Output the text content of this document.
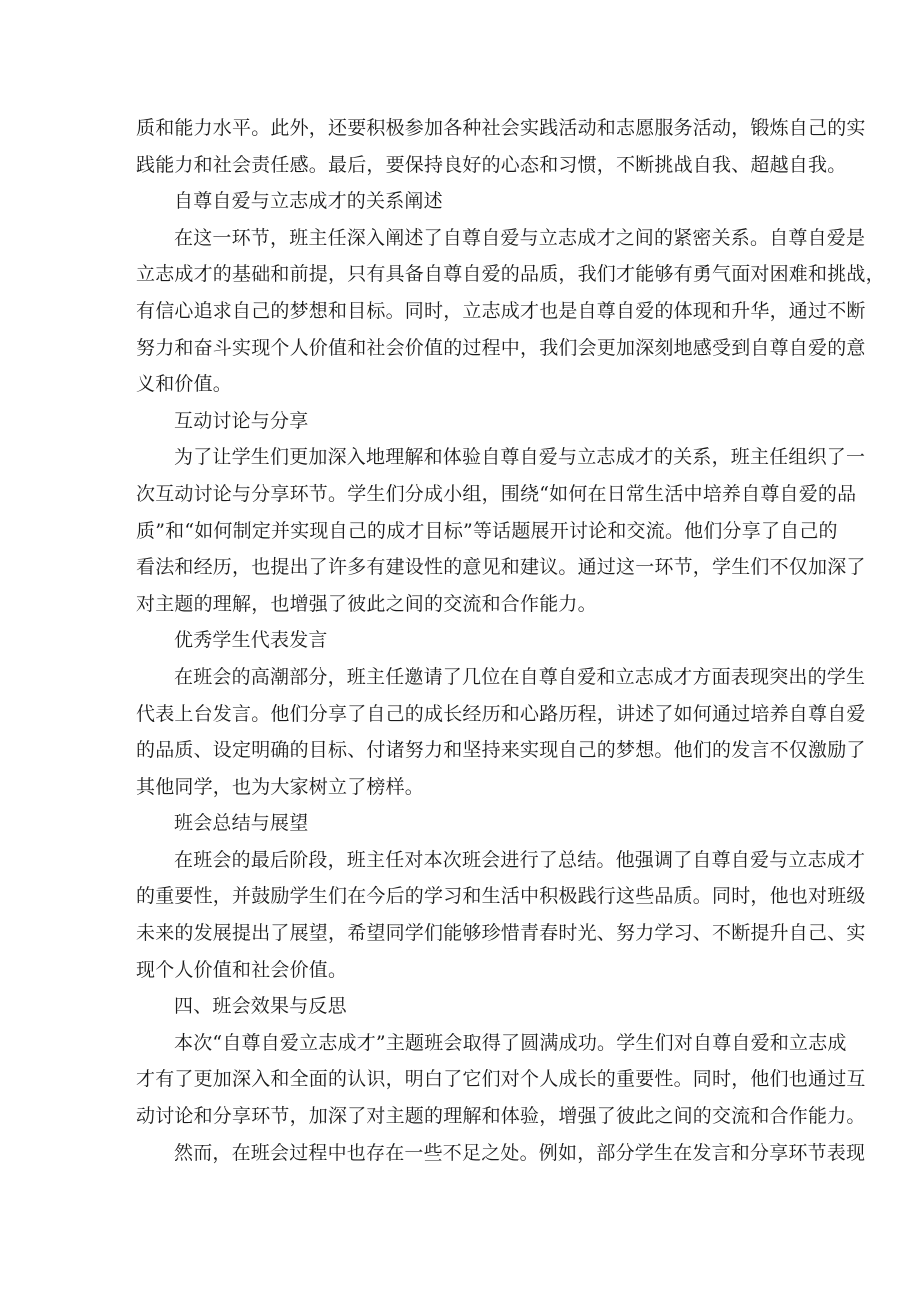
质和能力水平。此外，还要积极参加各种社会实践活动和志愿服务活动，锻炼自己的实
践能力和社会责任感。最后，要保持良好的心态和习惯，不断挑战自我、超越自我。
自尊自爱与立志成才的关系阐述
在这一环节，班主任深入阐述了自尊自爱与立志成才之间的紧密关系。自尊自爱是
立志成才的基础和前提，只有具备自尊自爱的品质，我们才能够有勇气面对困难和挑战，
有信心追求自己的梦想和目标。同时，立志成才也是自尊自爱的体现和升华，通过不断
努力和奋斗实现个人价值和社会价值的过程中，我们会更加深刻地感受到自尊自爱的意
义和价值。
互动讨论与分享
为了让学生们更加深入地理解和体验自尊自爱与立志成才的关系，班主任组织了一
次互动讨论与分享环节。学生们分成小组，围绕“如何在日常生活中培养自尊自爱的品
质”和“如何制定并实现自己的成才目标”等话题展开讨论和交流。他们分享了自己的
看法和经历，也提出了许多有建设性的意见和建议。通过这一环节，学生们不仅加深了
对主题的理解，也增强了彼此之间的交流和合作能力。
优秀学生代表发言
在班会的高潮部分，班主任邀请了几位在自尊自爱和立志成才方面表现突出的学生
代表上台发言。他们分享了自己的成长经历和心路历程，讲述了如何通过培养自尊自爱
的品质、设定明确的目标、付诸努力和坚持来实现自己的梦想。他们的发言不仅激励了
其他同学，也为大家树立了榜样。
班会总结与展望
在班会的最后阶段，班主任对本次班会进行了总结。他强调了自尊自爱与立志成才
的重要性，并鼓励学生们在今后的学习和生活中积极践行这些品质。同时，他也对班级
未来的发展提出了展望，希望同学们能够珍惜青春时光、努力学习、不断提升自己、实
现个人价值和社会价值。
四、班会效果与反思
本次“自尊自爱立志成才”主题班会取得了圆满成功。学生们对自尊自爱和立志成
才有了更加深入和全面的认识，明白了它们对个人成长的重要性。同时，他们也通过互
动讨论和分享环节，加深了对主题的理解和体验，增强了彼此之间的交流和合作能力。
然而，在班会过程中也存在一些不足之处。例如，部分学生在发言和分享环节表现
